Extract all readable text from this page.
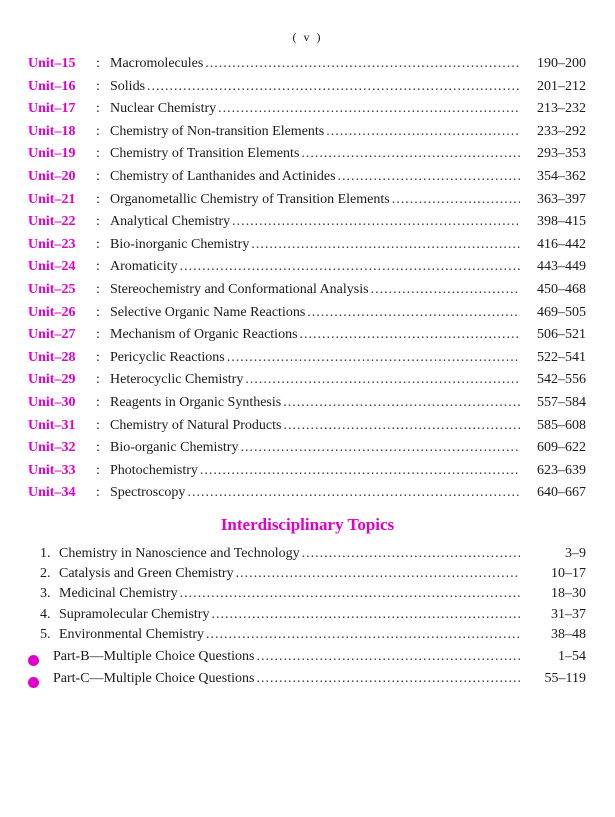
( v )
Unit–15	: Macromolecules .....	190–200
Unit–16	: Solids .....	201–212
Unit–17	: Nuclear Chemistry .....	213–232
Unit–18	: Chemistry of Non-transition Elements .....	233–292
Unit–19	: Chemistry of Transition Elements .....	293–353
Unit–20	: Chemistry of Lanthanides and Actinides .....	354–362
Unit–21	: Organometallic Chemistry of Transition Elements .....	363–397
Unit–22	: Analytical Chemistry .....	398–415
Unit–23	: Bio-inorganic Chemistry .....	416–442
Unit–24	: Aromaticity .....	443–449
Unit–25	: Stereochemistry and Conformational Analysis .....	450–468
Unit–26	: Selective Organic Name Reactions .....	469–505
Unit–27	: Mechanism of Organic Reactions .....	506–521
Unit–28	: Pericyclic Reactions .....	522–541
Unit–29	: Heterocyclic Chemistry .....	542–556
Unit–30	: Reagents in Organic Synthesis .....	557–584
Unit–31	: Chemistry of Natural Products .....	585–608
Unit–32	: Bio-organic Chemistry .....	609–622
Unit–33	: Photochemistry .....	623–639
Unit–34	: Spectroscopy .....	640–667
Interdisciplinary Topics
1. Chemistry in Nanoscience and Technology .....	3–9
2. Catalysis and Green Chemistry .....	10–17
3. Medicinal Chemistry .....	18–30
4. Supramolecular Chemistry .....	31–37
5. Environmental Chemistry .....	38–48
Part-B—Multiple Choice Questions .....	1–54
Part-C—Multiple Choice Questions .....	55–119
